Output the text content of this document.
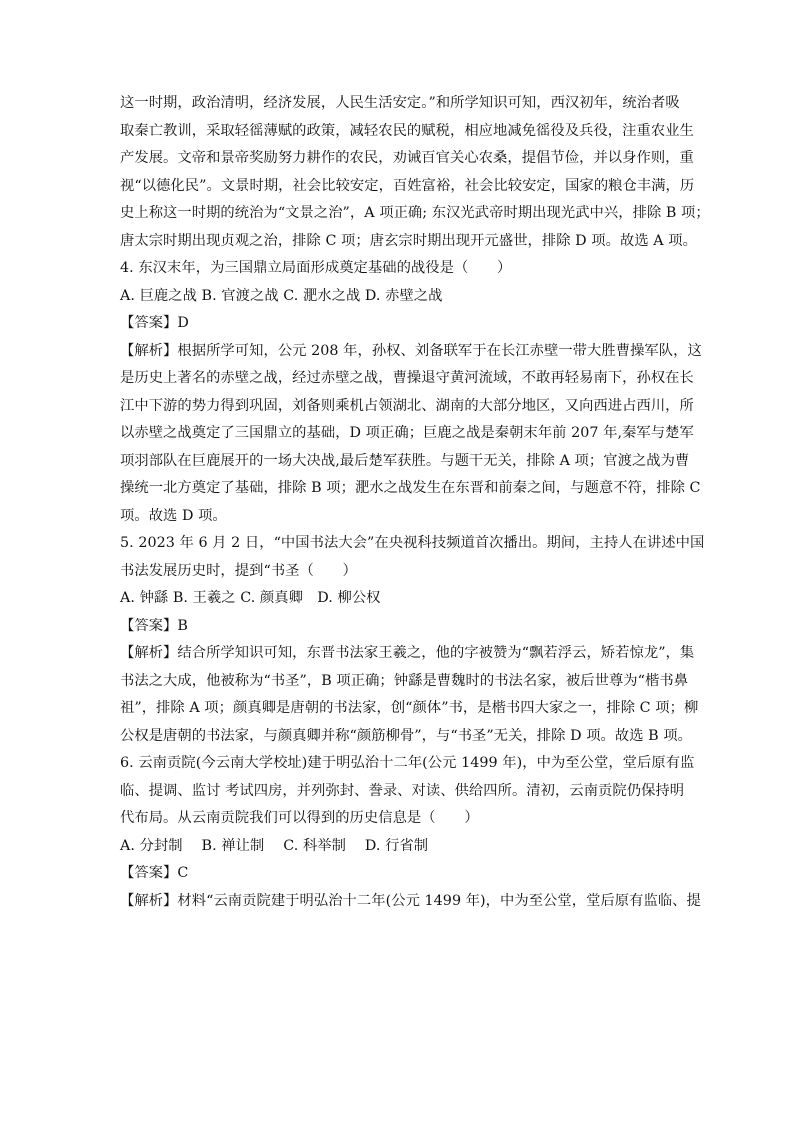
这一时期，政治清明，经济发展，人民生活安定。”和所学知识可知，西汉初年，统治者吸
取秦亡教训，采取轻徭薄赋的政策，减轻农民的赋税，相应地减免徭役及兵役，注重农业生
产发展。文帝和景帝奖励努力耕作的农民，劝诫百官关心农桑，提倡节俭，并以身作则，重
视“以德化民”。文景时期，社会比较安定，百姓富裕，社会比较安定，国家的粮仓丰满，历
史上称这一时期的统治为“文景之治”，A 项正确; 东汉光武帝时期出现光武中兴，排除 B 项；
唐太宗时期出现贞观之治，排除 C 项；唐玄宗时期出现开元盛世，排除 D 项。故选 A 项。
4. 东汉末年，为三国鼎立局面形成奠定基础的战役是（　　）
A. 巨鹿之战 B. 官渡之战 C. 淝水之战 D. 赤壁之战
【答案】D
【解析】根据所学可知，公元 208 年，孙权、刘备联军于在长江赤壁一带大胜曹操军队，这
是历史上著名的赤壁之战，经过赤壁之战，曹操退守黄河流域，不敢再轻易南下，孙权在长
江中下游的势力得到巩固，刘备则乘机占领湖北、湖南的大部分地区，又向西进占西川，所
以赤壁之战奠定了三国鼎立的基础，D 项正确；巨鹿之战是秦朝末年前 207 年,秦军与楚军
项羽部队在巨鹿展开的一场大决战,最后楚军获胜。与题干无关，排除 A 项；官渡之战为曹
操统一北方奠定了基础，排除 B 项；淝水之战发生在东晋和前秦之间，与题意不符，排除 C
项。故选 D 项。
5. 2023 年 6 月 2 日，“中国书法大会”在央视科技频道首次播出。期间，主持人在讲述中国
书法发展历史时，提到“书圣（　　）
A. 钟繇 B. 王羲之 C. 颜真卿　D. 柳公权
【答案】B
【解析】结合所学知识可知，东晋书法家王羲之，他的字被赞为“飘若浮云，矫若惊龙”，集
书法之大成，他被称为“书圣”，B 项正确；钟繇是曹魏时的书法名家，被后世尊为“楷书鼻
祖”，排除 A 项；颜真卿是唐朝的书法家，创“颜体”书，是楷书四大家之一，排除 C 项；柳
公权是唐朝的书法家，与颜真卿并称“颜筋柳骨”，与“书圣”无关，排除 D 项。故选 B 项。
6. 云南贡院(今云南大学校址)建于明弘治十二年(公元 1499 年)，中为至公堂，堂后原有监
临、提调、监讨 考试四房，并列弥封、誊录、对读、供给四所。清初，云南贡院仍保持明
代布局。从云南贡院我们可以得到的历史信息是（　　）
A. 分封制　 B. 禅让制　 C. 科举制　 D. 行省制
【答案】C
【解析】材料“云南贡院建于明弘治十二年(公元 1499 年)，中为至公堂，堂后原有监临、提
